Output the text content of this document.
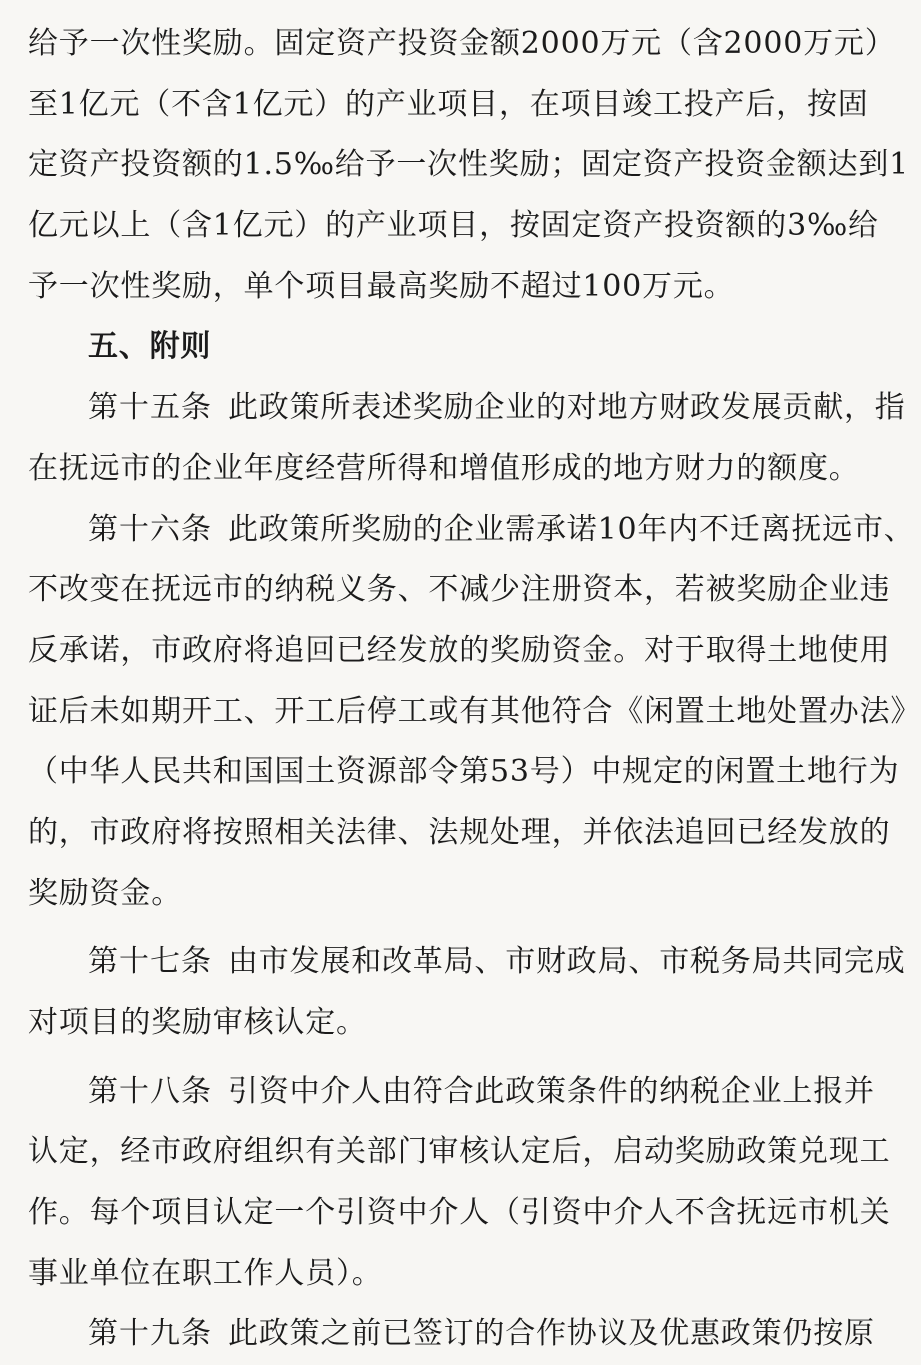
给予一次性奖励。固定资产投资金额2000万元（含2000万元）
至1亿元（不含1亿元）的产业项目，在项目竣工投产后，按固
定资产投资额的1.5‰给予一次性奖励；固定资产投资金额达到1
亿元以上（含1亿元）的产业项目，按固定资产投资额的3‰给
予一次性奖励，单个项目最高奖励不超过100万元。
五、附则
第十五条 此政策所表述奖励企业的对地方财政发展贡献，指
在抚远市的企业年度经营所得和增值形成的地方财力的额度。
第十六条 此政策所奖励的企业需承诺10年内不迁离抚远市、
不改变在抚远市的纳税义务、不减少注册资本，若被奖励企业违
反承诺，市政府将追回已经发放的奖励资金。对于取得土地使用
证后未如期开工、开工后停工或有其他符合《闲置土地处置办法》
（中华人民共和国国土资源部令第53号）中规定的闲置土地行为
的，市政府将按照相关法律、法规处理，并依法追回已经发放的
奖励资金。
第十七条 由市发展和改革局、市财政局、市税务局共同完成
对项目的奖励审核认定。
第十八条 引资中介人由符合此政策条件的纳税企业上报并
认定，经市政府组织有关部门审核认定后，启动奖励政策兑现工
作。每个项目认定一个引资中介人（引资中介人不含抚远市机关
事业单位在职工作人员）。
第十九条 此政策之前已签订的合作协议及优惠政策仍按原
